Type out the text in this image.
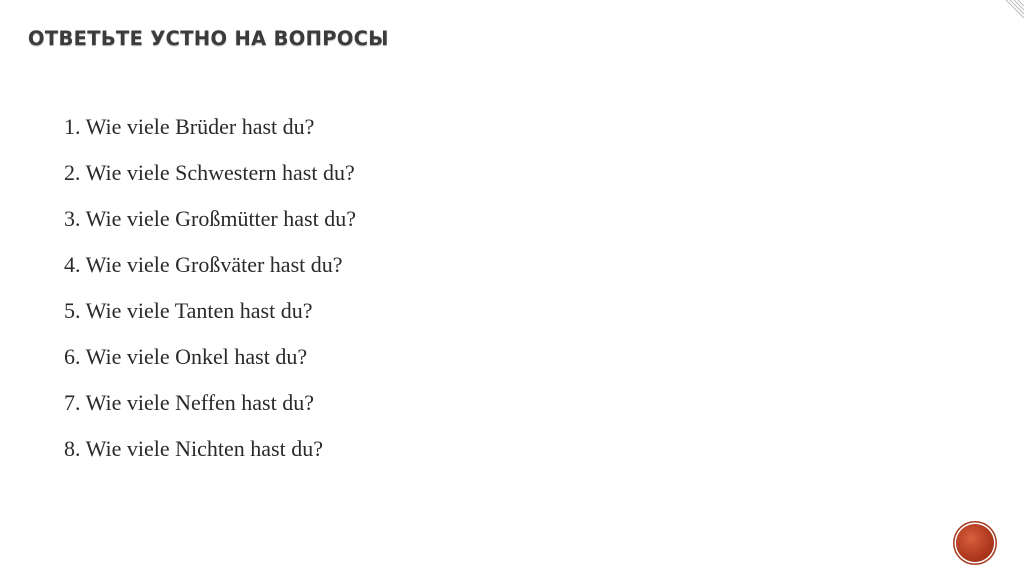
ОТВЕТЬТЕ УСТНО НА ВОПРОСЫ
1. Wie viele Brüder hast du?
2. Wie viele Schwestern hast du?
3. Wie viele Großmütter hast du?
4. Wie viele Großväter hast du?
5. Wie viele Tanten hast du?
6. Wie viele Onkel hast du?
7. Wie viele Neffen hast du?
8. Wie viele Nichten hast du?
